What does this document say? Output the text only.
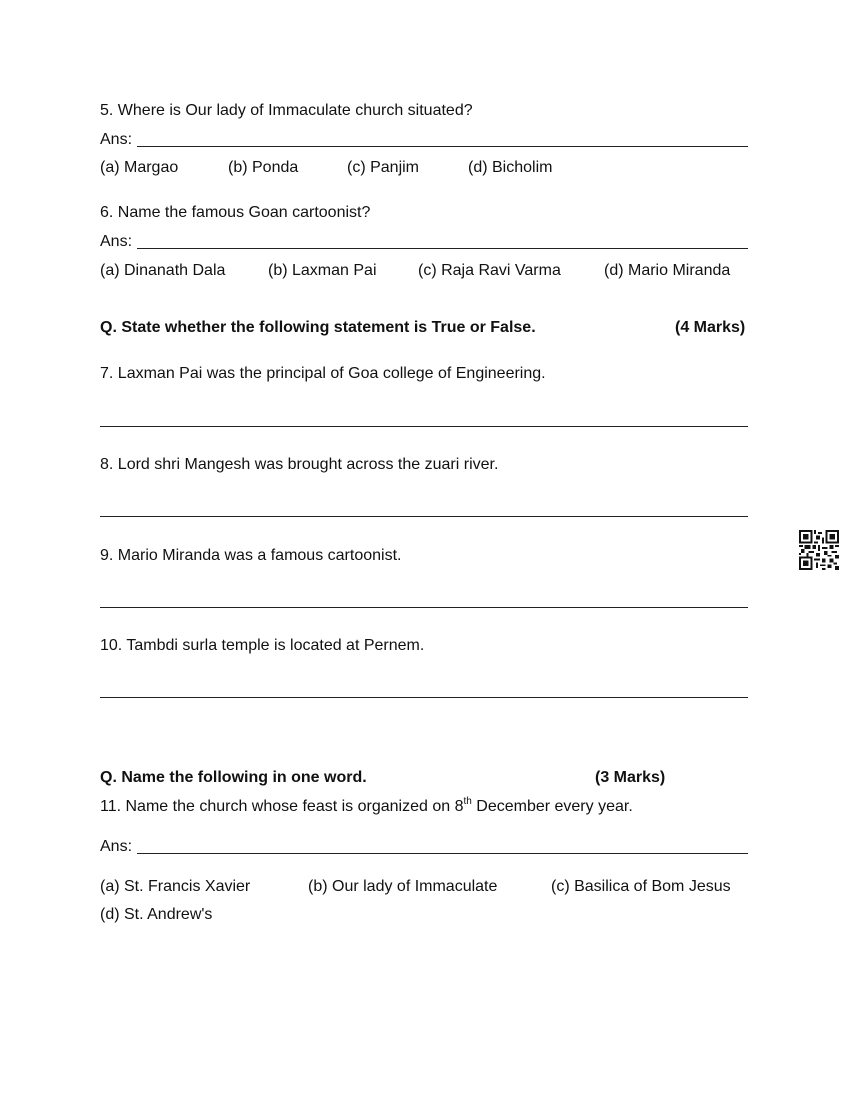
5. Where is Our lady of Immaculate church situated?
Ans:
(a) Margao	(b) Ponda	(c) Panjim	(d) Bicholim
6. Name the famous Goan cartoonist?
Ans:
(a) Dinanath Dala	(b) Laxman Pai	(c) Raja Ravi Varma	(d) Mario Miranda
Q. State whether the following statement is True or False.	(4 Marks)
7. Laxman Pai was the principal of Goa college of Engineering.
8. Lord shri Mangesh was brought across the zuari river.
9. Mario Miranda was a famous cartoonist.
10. Tambdi surla temple is located at Pernem.
Q. Name the following in one word.	(3 Marks)
11. Name the church whose feast is organized on 8th December every year.
Ans:
(a) St. Francis Xavier	(b) Our lady of Immaculate	(c) Basilica of Bom Jesus
(d) St. Andrew's
